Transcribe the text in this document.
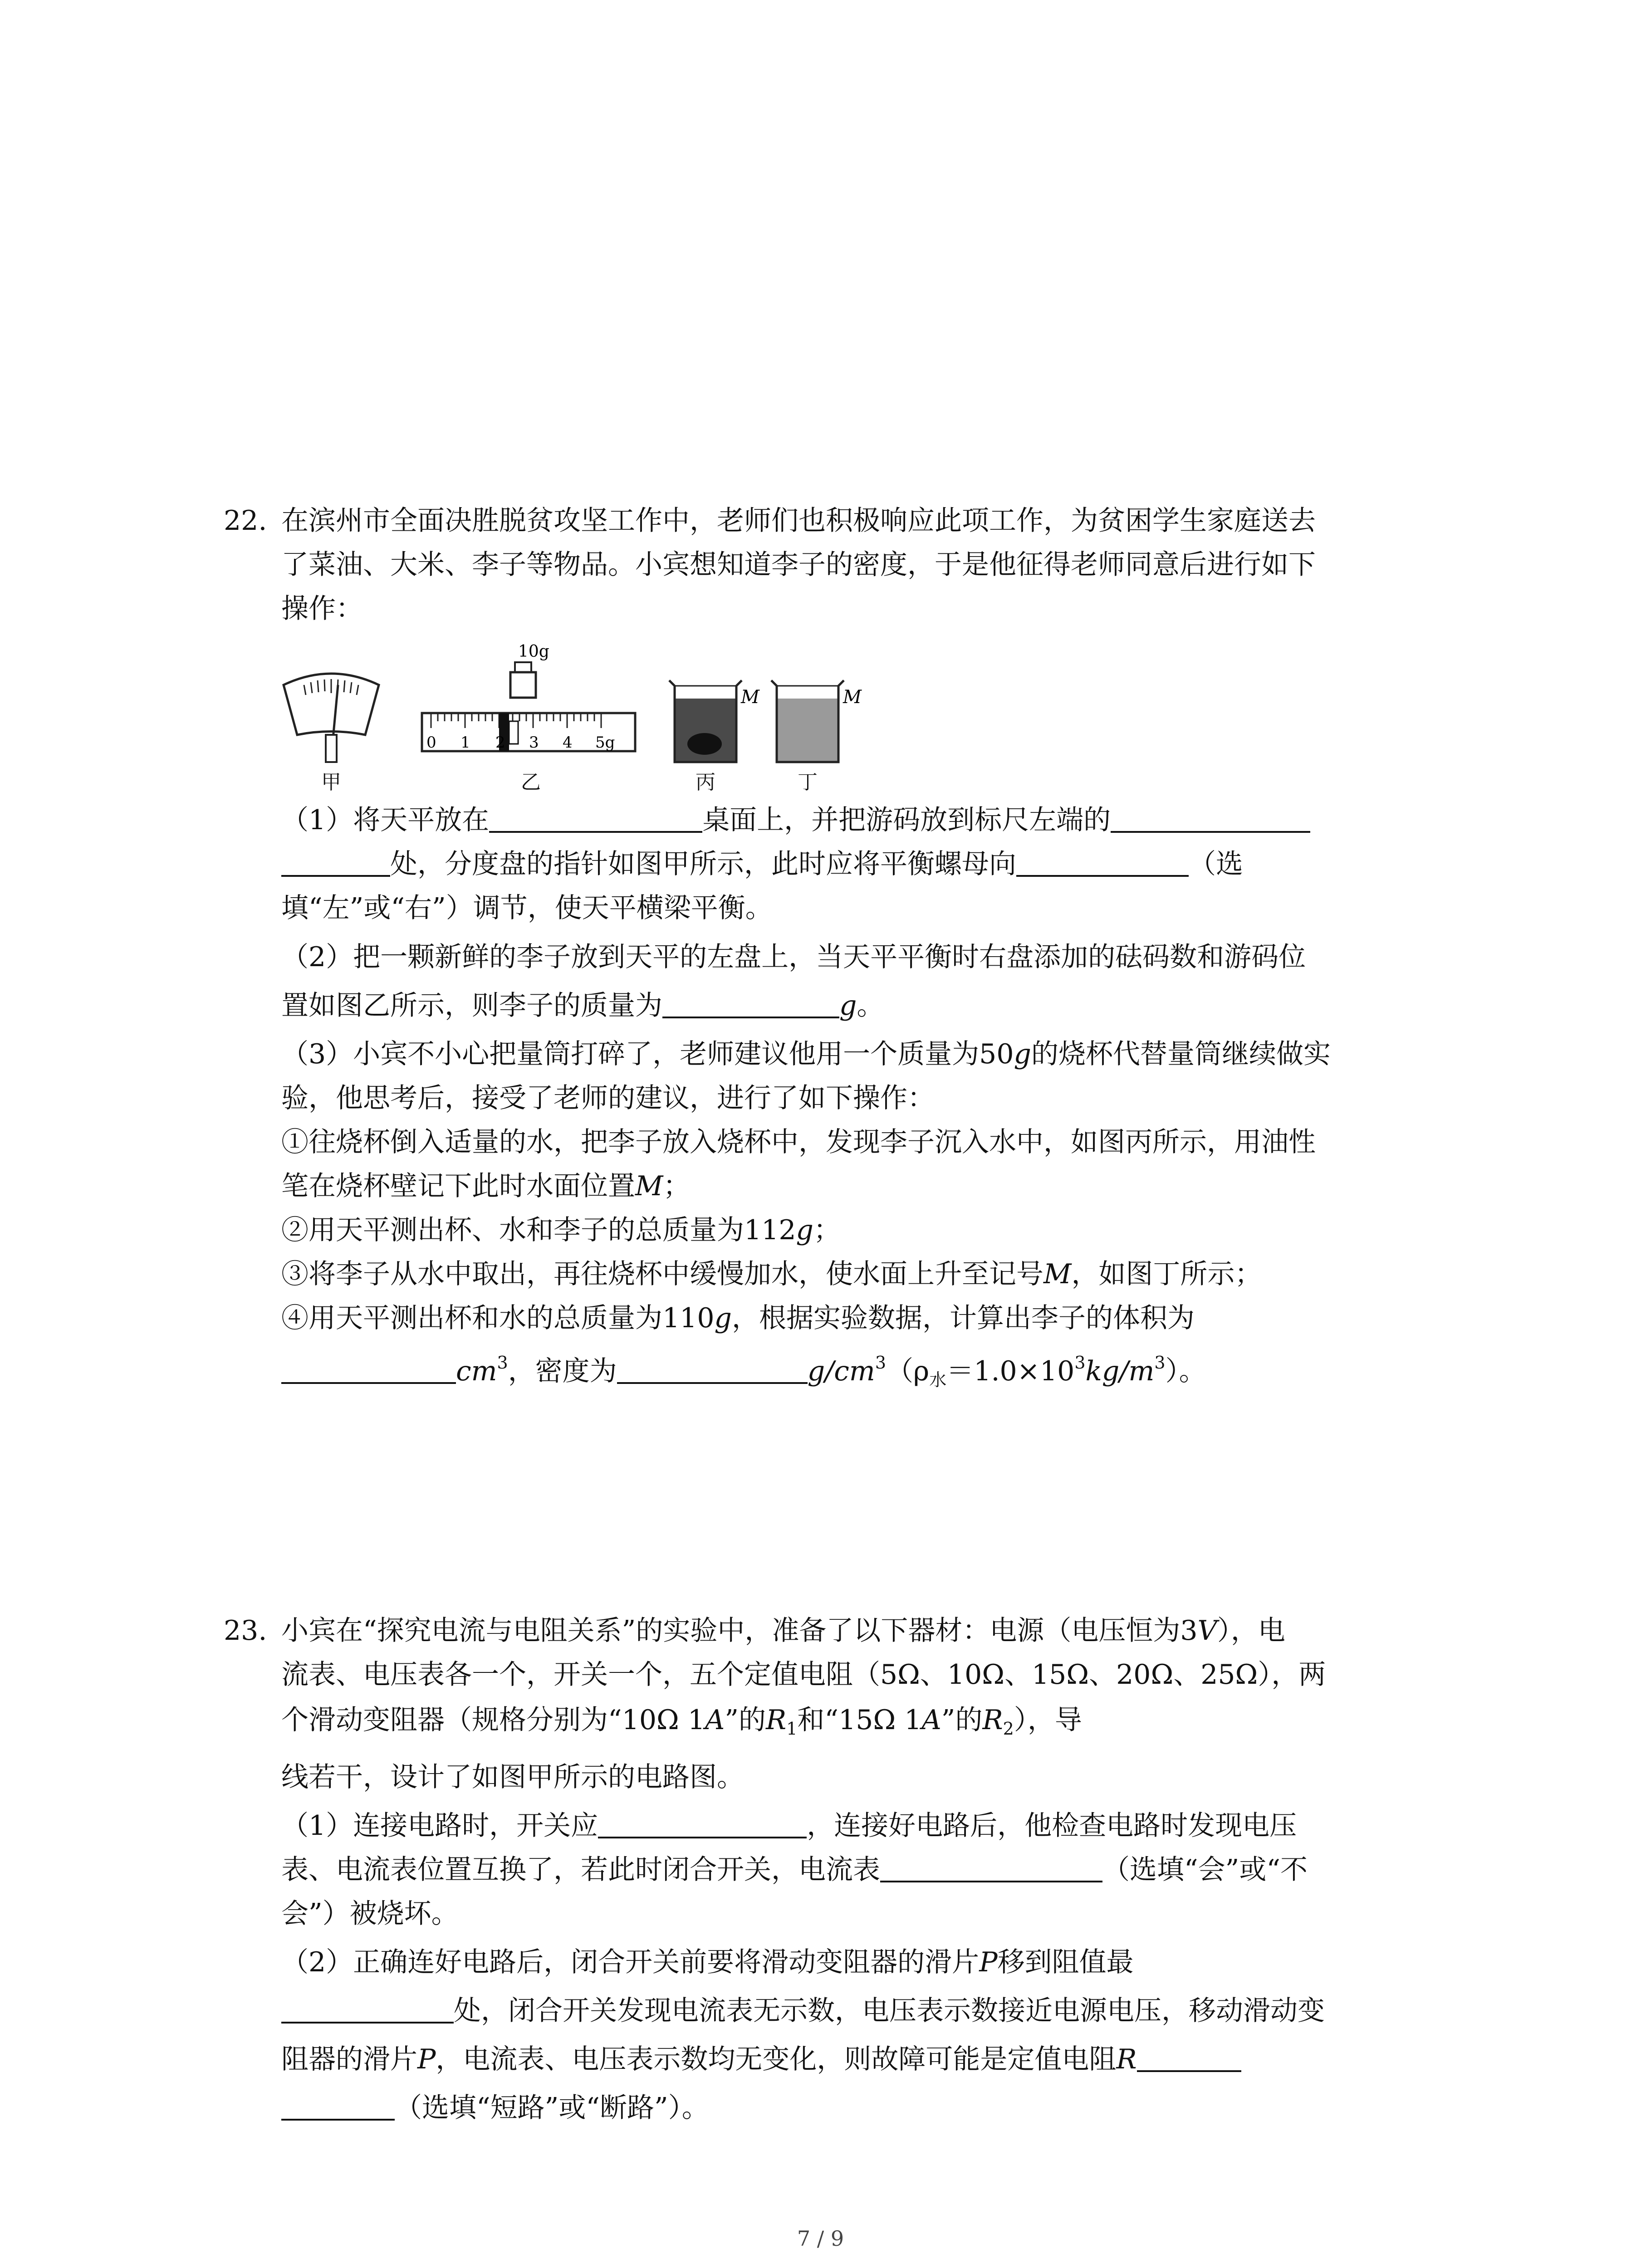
22. 在滨州市全面决胜脱贫攻坚工作中，老师们也积极响应此项工作，为贫困学生家庭送去
了菜油、大米、李子等物品。小宾想知道李子的密度，于是他征得老师同意后进行如下
操作：
甲
10g
0 1 2 3 4 5g
乙
M
丙
M
丁
（1）将天平放在	桌面上，并把游码放到标尺左端的
处，分度盘的指针如图甲所示，此时应将平衡螺母向	（选
填“左”或“右”）调节，使天平横梁平衡。
（2）把一颗新鲜的李子放到天平的左盘上，当天平平衡时右盘添加的砝码数和游码位
置如图乙所示，则李子的质量为	g。
（3）小宾不小心把量筒打碎了，老师建议他用一个质量为50g的烧杯代替量筒继续做实
验，他思考后，接受了老师的建议，进行了如下操作：
①往烧杯倒入适量的水，把李子放入烧杯中，发现李子沉入水中，如图丙所示，用油性
笔在烧杯壁记下此时水面位置M；
②用天平测出杯、水和李子的总质量为112g；
③将李子从水中取出，再往烧杯中缓慢加水，使水面上升至记号M，如图丁所示；
④用天平测出杯和水的总质量为110g，根据实验数据，计算出李子的体积为
$cm^3$，密度为	$g/cm^3(\rho_水=1.0\times 10^3kg/m^3)$。
23. 小宾在“探究电流与电阻关系”的实验中，准备了以下器材：电源（电压恒为3V），电
流表、电压表各一个，开关一个，五个定值电阻（5Ω、10Ω、15Ω、20Ω、25Ω），两
个滑动变阻器（规格分别为“10Ω 1A”的$R_1$和“15Ω 1A”的$R_2$），导
线若干，设计了如图甲所示的电路图。
（1）连接电路时，开关应	，连接好电路后，他检查电路时发现电压
表、电流表位置互换了，若此时闭合开关，电流表	（选填“会”或“不
会”）被烧坏。
（2）正确连好电路后，闭合开关前要将滑动变阻器的滑片P移到阻值最
处，闭合开关发现电流表无示数，电压表示数接近电源电压，移动滑动变
阻器的滑片P，电流表、电压表示数均无变化，则故障可能是定值电阻R
（选填“短路”或“断路”）。
7 / 9
